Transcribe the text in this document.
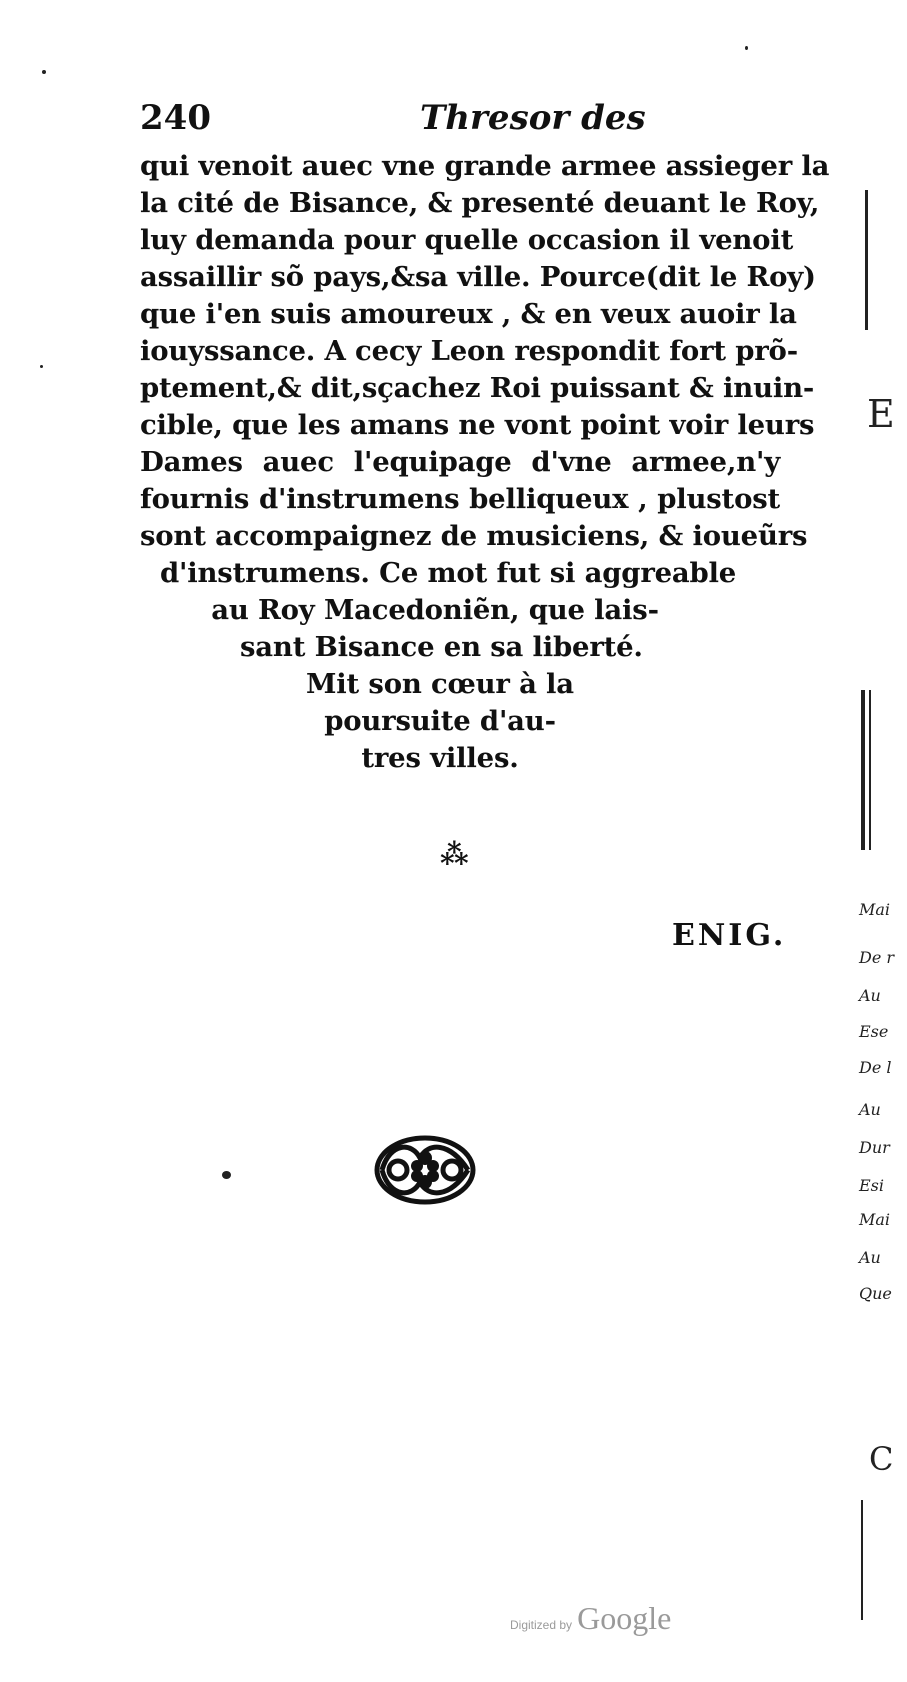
240	Thresor des
qui venoit auec vne grande armee assieger la
la cité de Bisance, & presenté deuant le Roy,
luy demanda pour quelle occasion il venoit
assaillir sõ pays,&sa ville. Pource(dit le Roy)
que i'en suis amoureux , & en veux auoir la
iouyssance. A cecy Leon respondit fort prõ-
ptement,& dit,sçachez Roi puissant & inuin-
cible, que les amans ne vont point voir leurs
Dames auec l'equipage d'vne armee,n'y
fournis d'instrumens belliqueux , plustost
sont accompaignez de musiciens, & ioueũrs
d'instrumens. Ce mot fut si aggreable
au Roy Macedoniẽn, que lais-
sant Bisance en sa liberté.
Mit son cœur à la
poursuite d'au-
tres villes.
⁂
ENIG.
E
Mai
De r
Au
Ese
De l
Au
Dur
Esi
Mai
Au
Que
C
Digitized by Google
